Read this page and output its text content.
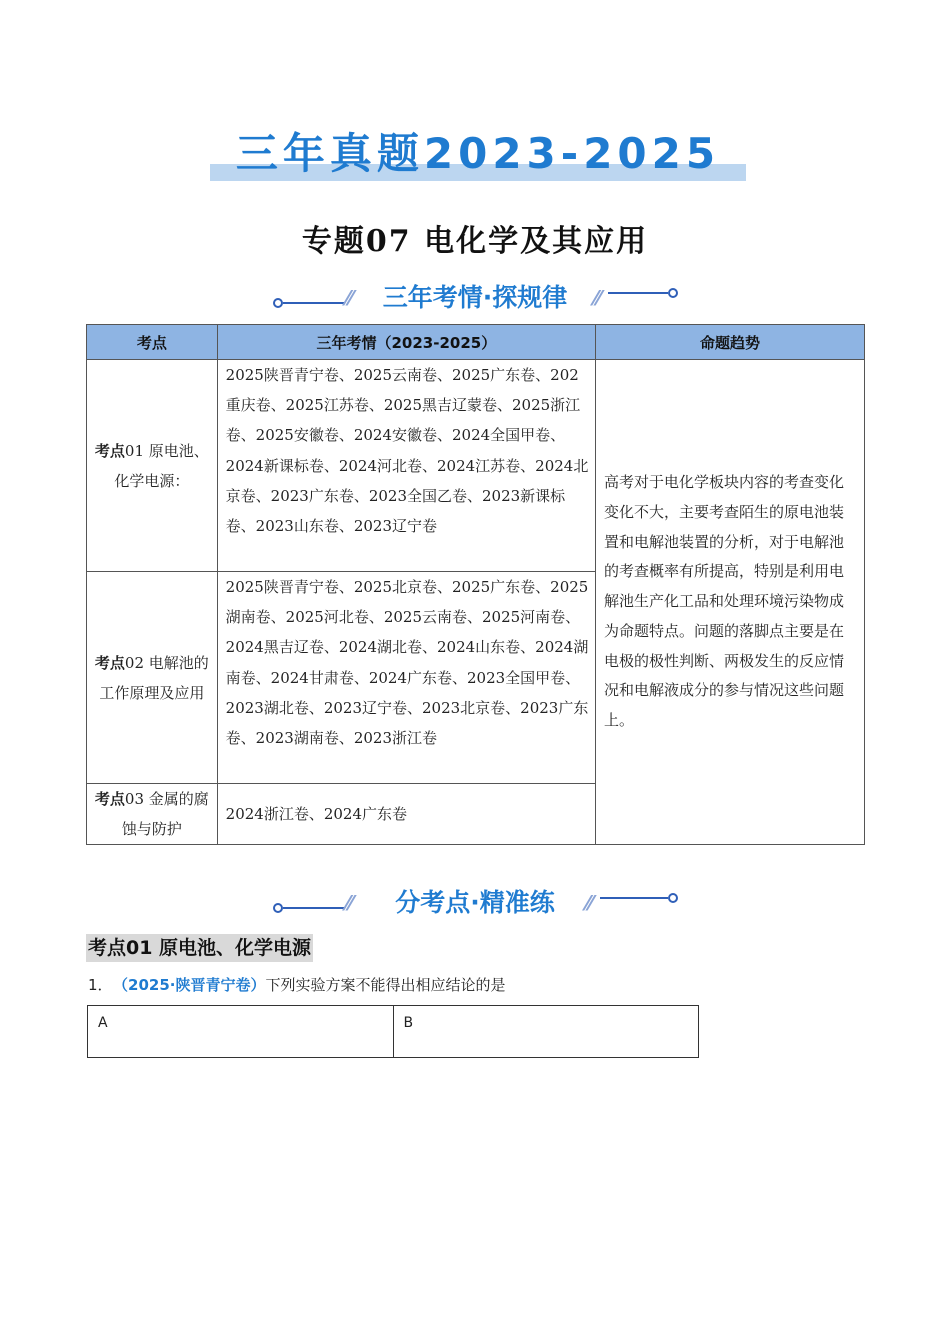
三年真题2023-2025
专题07 电化学及其应用
⁄⁄	三年考情·探规律	⁄⁄
考点	三年考情（2023-2025）	命题趋势
考点01 原电池、化学电源：	2025陕晋青宁卷、2025云南卷、2025广东卷、202重庆卷、2025江苏卷、2025黑吉辽蒙卷、2025浙江卷、2025安徽卷、2024安徽卷、2024全国甲卷、2024新课标卷、2024河北卷、2024江苏卷、2024北京卷、2023广东卷、2023全国乙卷、2023新课标卷、2023山东卷、2023辽宁卷	高考对于电化学板块内容的考查变化变化不大，主要考查陌生的原电池装置和电解池装置的分析，对于电解池的考查概率有所提高，特别是利用电解池生产化工品和处理环境污染物成为命题特点。问题的落脚点主要是在电极的极性判断、两极发生的反应情况和电解液成分的参与情况这些问题上。
考点02 电解池的工作原理及应用	2025陕晋青宁卷、2025北京卷、2025广东卷、2025湖南卷、2025河北卷、2025云南卷、2025河南卷、2024黑吉辽卷、2024湖北卷、2024山东卷、2024湖南卷、2024甘肃卷、2024广东卷、2023全国甲卷、2023湖北卷、2023辽宁卷、2023北京卷、2023广东卷、2023湖南卷、2023浙江卷	
考点03 金属的腐蚀与防护	2024浙江卷、2024广东卷	
⁄⁄	分考点·精准练	⁄⁄
考点01 原电池、化学电源
1． （2025·陕晋青宁卷）下列实验方案不能得出相应结论的是
A	B
